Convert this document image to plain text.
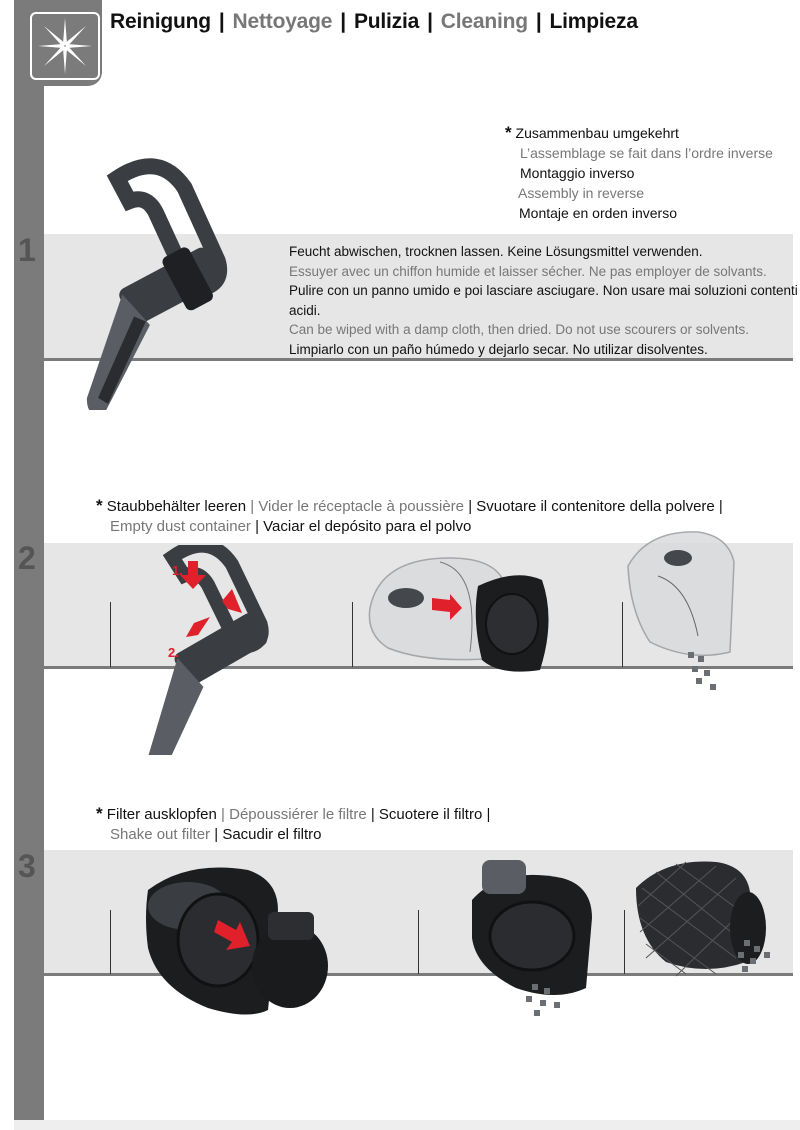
Reinigung | Nettoyage | Pulizia | Cleaning | Limpieza
* Zusammenbau umgekehrt
L’assemblage se fait dans l’ordre inverse
Montaggio inverso
Assembly in reverse
Montaje en orden inverso
1	Feucht abwischen, trocknen lassen. Keine Lösungsmittel verwenden.
Essuyer avec un chiffon humide et laisser sécher. Ne pas employer de solvants.
Pulire con un panno umido e poi lasciare asciugare. Non usare mai soluzioni contenti acidi.
Can be wiped with a damp cloth, then dried. Do not use scourers or solvents.
Limpiarlo con un paño húmedo y dejarlo secar. No utilizar disolventes.
* Staubbehälter leeren | Vider le réceptacle à poussière | Svuotare il contenitore della polvere |
Empty dust container | Vaciar el depósito para el polvo
2	1.
2.
* Filter ausklopfen | Dépoussiérer le filtre | Scuotere il filtro |
Shake out filter | Sacudir el filtro
3
